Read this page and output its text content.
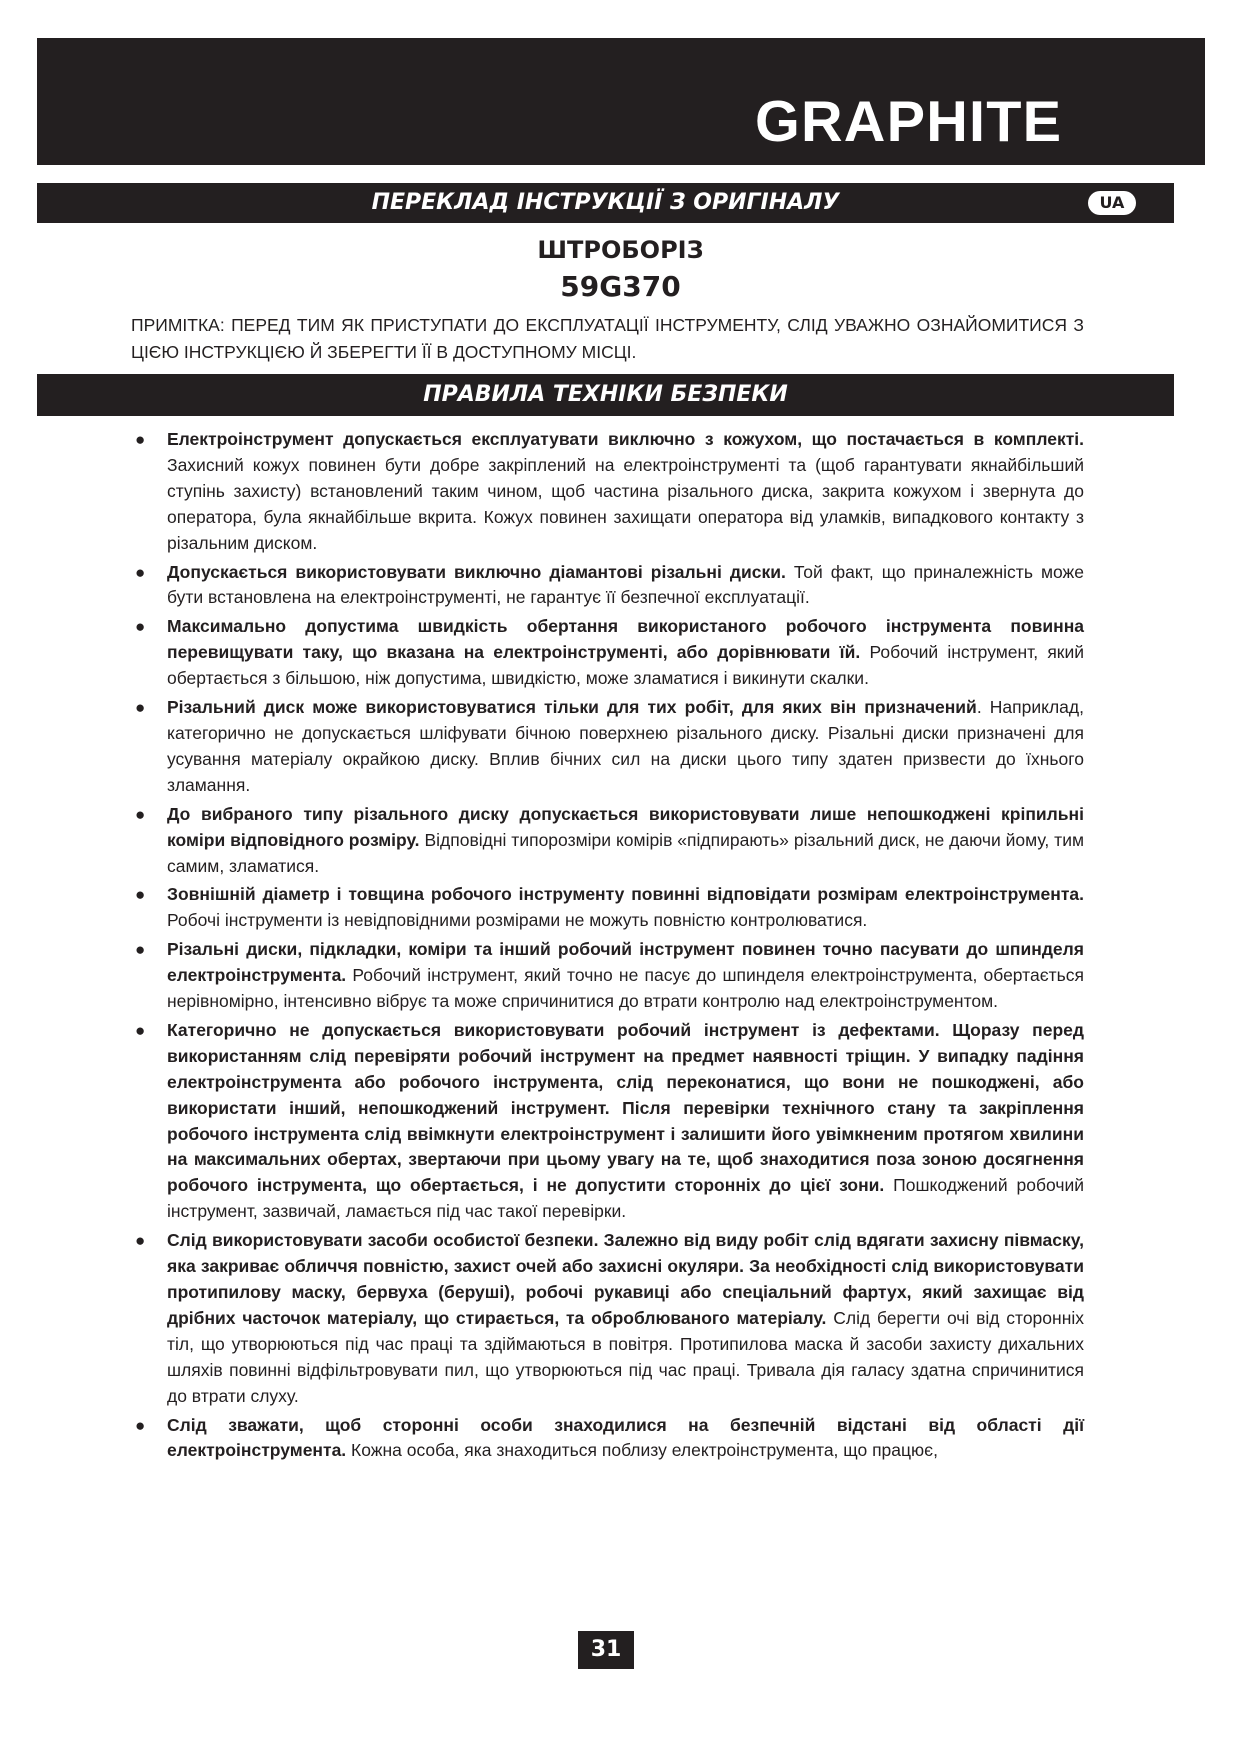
GRAPHITE
ПЕРЕКЛАД ІНСТРУКЦІЇ З ОРИГІНАЛУ	UA
ШТРОБОРІЗ
59G370
ПРИМІТКА: ПЕРЕД ТИМ ЯК ПРИСТУПАТИ ДО ЕКСПЛУАТАЦІЇ ІНСТРУМЕНТУ, СЛІД УВАЖНО ОЗНАЙОМИТИСЯ З ЦІЄЮ ІНСТРУКЦІЄЮ Й ЗБЕРЕГТИ ЇЇ В ДОСТУПНОМУ МІСЦІ.
ПРАВИЛА ТЕХНІКИ БЕЗПЕКИ
● Електроінструмент допускається експлуатувати виключно з кожухом, що постачається в комплекті. Захисний кожух повинен бути добре закріплений на електроінструменті та (щоб гарантувати якнайбільший ступінь захисту) встановлений таким чином, щоб частина різального диска, закрита кожухом і звернута до оператора, була якнайбільше вкрита. Кожух повинен захищати оператора від уламків, випадкового контакту з різальним диском.
● Допускається використовувати виключно діамантові різальні диски. Той факт, що приналежність може бути встановлена на електроінструменті, не гарантує її безпечної експлуатації.
● Максимально допустима швидкість обертання використаного робочого інструмента повинна перевищувати таку, що вказана на електроінструменті, або дорівнювати їй. Робочий інструмент, який обертається з більшою, ніж допустима, швидкістю, може зламатися і викинути скалки.
● Різальний диск може використовуватися тільки для тих робіт, для яких він призначений. Наприклад, категорично не допускається шліфувати бічною поверхнею різального диску. Різальні диски призначені для усування матеріалу окрайкою диску. Вплив бічних сил на диски цього типу здатен призвести до їхнього зламання.
● До вибраного типу різального диску допускається використовувати лише непошкоджені кріпильні коміри відповідного розміру. Відповідні типорозміри комірів «підпирають» різальний диск, не даючи йому, тим самим, зламатися.
● Зовнішній діаметр і товщина робочого інструменту повинні відповідати розмірам електроінструмента. Робочі інструменти із невідповідними розмірами не можуть повністю контролюватися.
● Різальні диски, підкладки, коміри та інший робочий інструмент повинен точно пасувати до шпинделя електроінструмента. Робочий інструмент, який точно не пасує до шпинделя електроінструмента, обертається нерівномірно, інтенсивно вібрує та може спричинитися до втрати контролю над електроінструментом.
● Категорично не допускається використовувати робочий інструмент із дефектами. Щоразу перед використанням слід перевіряти робочий інструмент на предмет наявності тріщин. У випадку падіння електроінструмента або робочого інструмента, слід переконатися, що вони не пошкоджені, або використати інший, непошкоджений інструмент. Після перевірки технічного стану та закріплення робочого інструмента слід ввімкнути електроінструмент і залишити його увімкненим протягом хвилини на максимальних обертах, звертаючи при цьому увагу на те, щоб знаходитися поза зоною досягнення робочого інструмента, що обертається, і не допустити сторонніх до цієї зони. Пошкоджений робочий інструмент, зазвичай, ламається під час такої перевірки.
● Слід використовувати засоби особистої безпеки. Залежно від виду робіт слід вдягати захисну півмаску, яка закриває обличчя повністю, захист очей або захисні окуляри. За необхідності слід використовувати протипилову маску, бервуха (беруші), робочі рукавиці або спеціальний фартух, який захищає від дрібних часточок матеріалу, що стирається, та оброблюваного матеріалу. Слід берегти очі від сторонніх тіл, що утворюються під час праці та здіймаються в повітря. Протипилова маска й засоби захисту дихальних шляхів повинні відфільтровувати пил, що утворюються під час праці. Тривала дія галасу здатна спричинитися до втрати слуху.
● Слід зважати, щоб сторонні особи знаходилися на безпечній відстані від області дії електроінструмента. Кожна особа, яка знаходиться поблизу електроінструмента, що працює,
31
